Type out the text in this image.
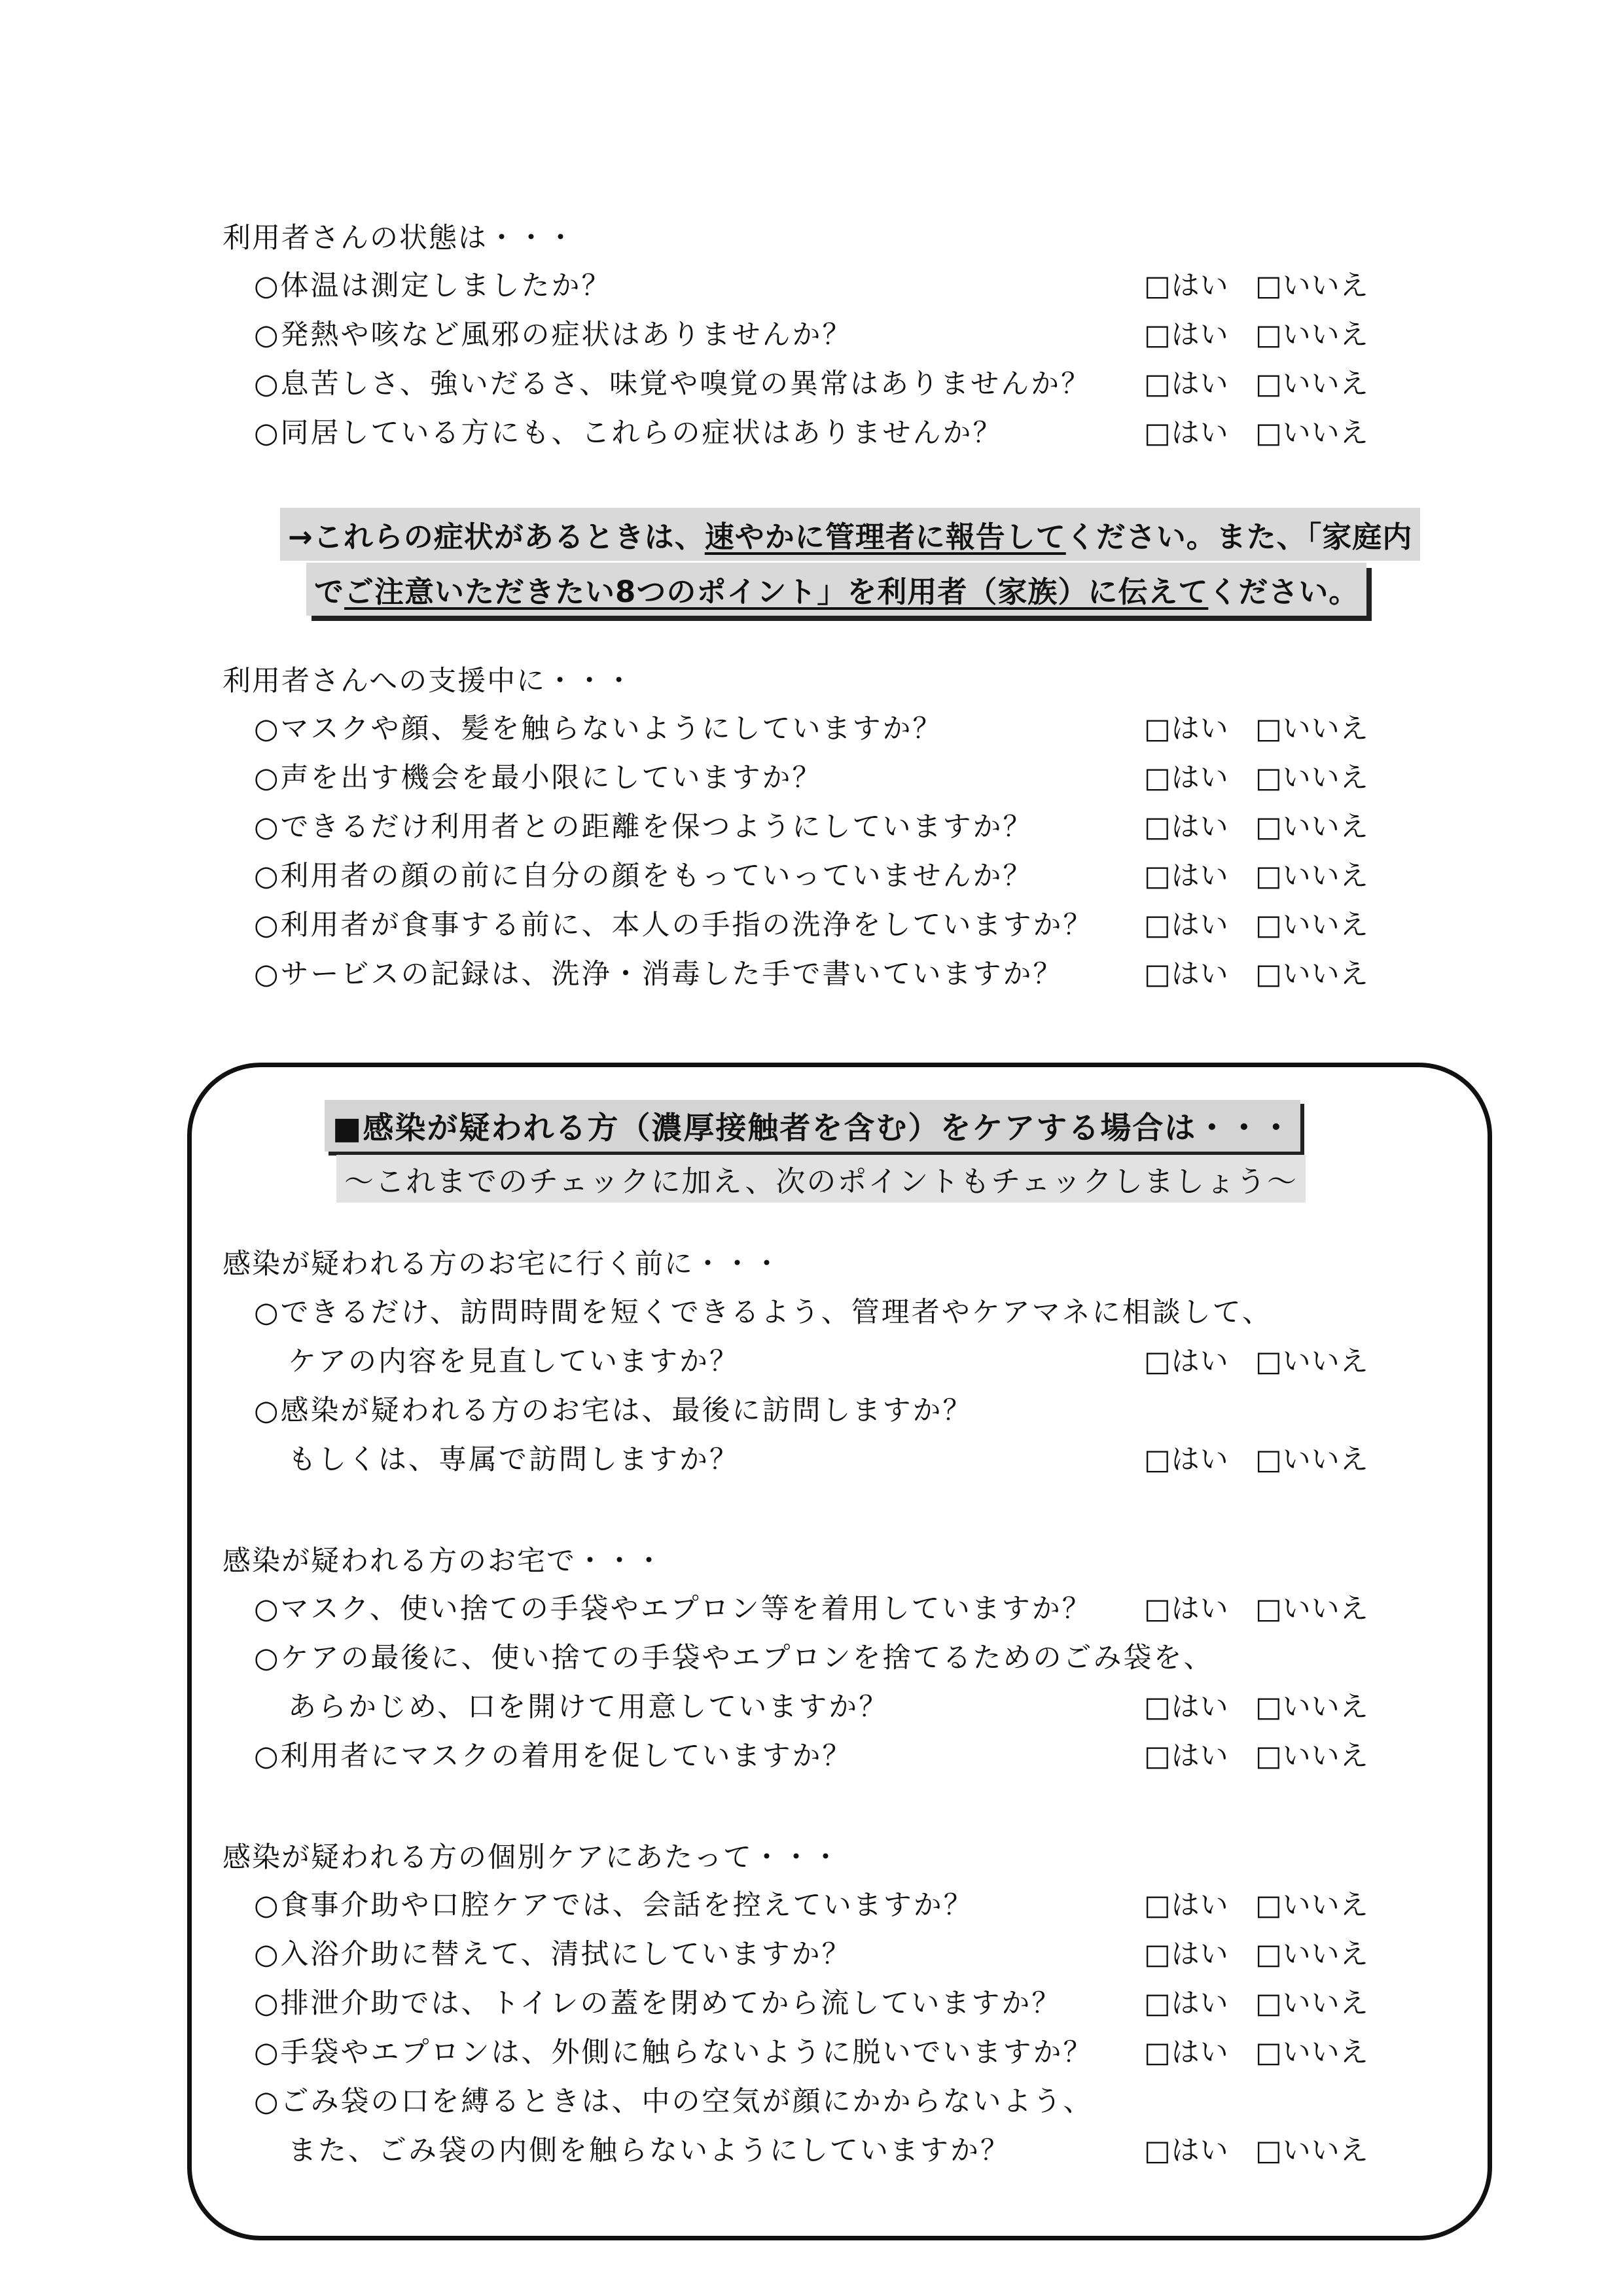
利用者さんの状態は・・・

○体温は測定しましたか？	□はい □いいえ

○発熱や咳など風邪の症状はありませんか？	□はい □いいえ

○息苦しさ、強いだるさ、味覚や嗅覚の異常はありませんか？ □はい □いいえ

○同居している方にも、これらの症状はありませんか？	□はい □いいえ
→これらの症状があるときは、速やかに管理者に報告してください。また、「家庭内
でご注意いただきたい8つのポイント」を利用者（家族）に伝えてください。
利用者さんへの支援中に・・・

○マスクや顔、髪を触らないようにしていますか？	□はい □いいえ

○声を出す機会を最小限にしていますか？	□はい □いいえ

○できるだけ利用者との距離を保つようにしていますか？	□はい □いいえ

○利用者の顔の前に自分の顔をもっていっていませんか？	□はい □いいえ

○利用者が食事する前に、本人の手指の洗浄をしていますか？ □はい □いいえ

○サービスの記録は、洗浄・消毒した手で書いていますか？	□はい □いいえ
■感染が疑われる方（濃厚接触者を含む）をケアする場合は・・・
～これまでのチェックに加え、次のポイントもチェックしましょう～
感染が疑われる方のお宅に行く前に・・・

○できるだけ、訪問時間を短くできるよう、管理者やケアマネに相談して、

ケアの内容を見直していますか？	□はい □いいえ

○感染が疑われる方のお宅は、最後に訪問しますか？

もしくは、専属で訪問しますか？	□はい □いいえ
感染が疑われる方のお宅で・・・

○マスク、使い捨ての手袋やエプロン等を着用していますか？ □はい □いいえ

○ケアの最後に、使い捨ての手袋やエプロンを捨てるためのごみ袋を、

あらかじめ、口を開けて用意していますか？	□はい □いいえ

○利用者にマスクの着用を促していますか？	□はい □いいえ
感染が疑われる方の個別ケアにあたって・・・

○食事介助や口腔ケアでは、会話を控えていますか？	□はい □いいえ

○入浴介助に替えて、清拭にしていますか？	□はい □いいえ

○排泄介助では、トイレの蓋を閉めてから流していますか？	□はい □いいえ

○手袋やエプロンは、外側に触らないように脱いでいますか？ □はい □いいえ

○ごみ袋の口を縛るときは、中の空気が顔にかからないよう、

また、ごみ袋の内側を触らないようにしていますか？	□はい □いいえ
